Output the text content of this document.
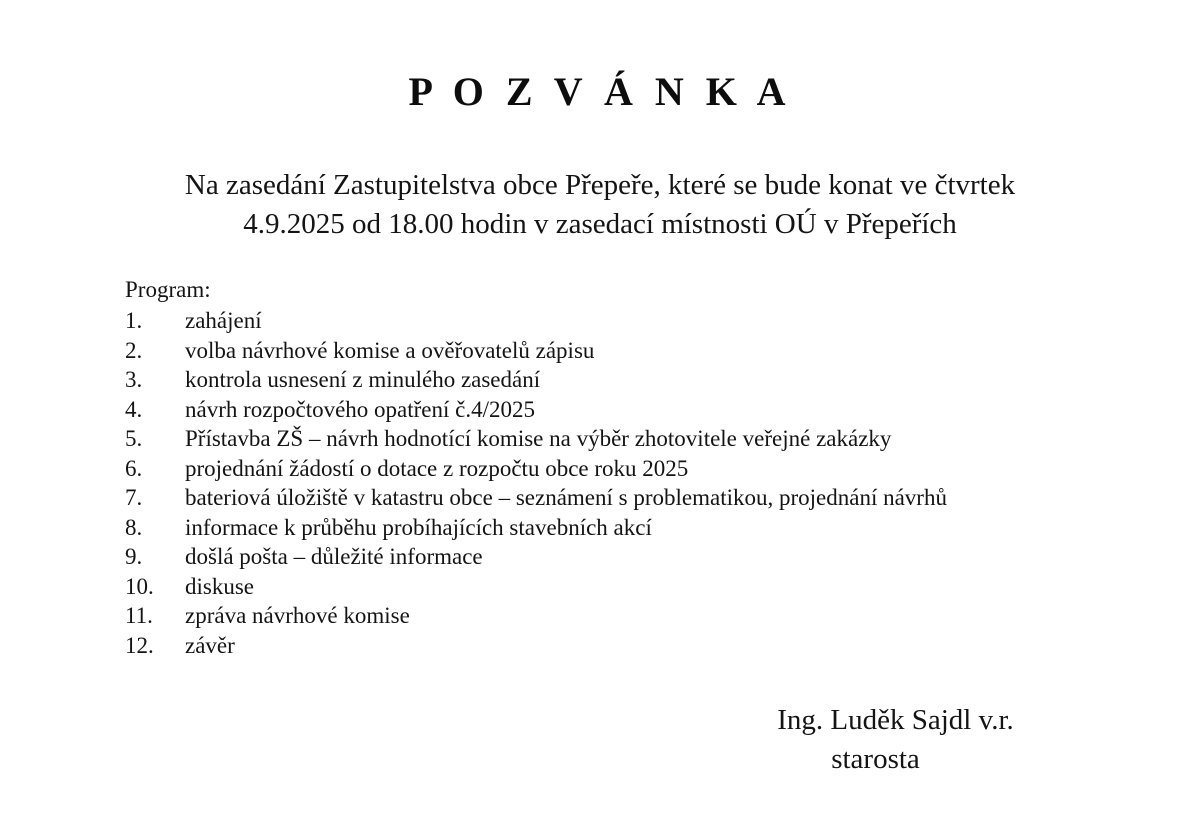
P O Z V Á N K A
Na zasedání Zastupitelstva obce Přepeře, které se bude konat ve čtvrtek
4.9.2025 od 18.00 hodin v zasedací místnosti OÚ v Přepeřích
Program:
1.	zahájení
2.	volba návrhové komise a ověřovatelů zápisu
3.	kontrola usnesení z minulého zasedání
4.	návrh rozpočtového opatření č.4/2025
5.	Přístavba ZŠ – návrh hodnotící komise na výběr zhotovitele veřejné zakázky
6.	projednání žádostí o dotace z rozpočtu obce roku 2025
7.	bateriová úložiště v katastru obce – seznámení s problematikou, projednání návrhů
8.	informace k průběhu probíhajících stavebních akcí
9.	došlá pošta – důležité informace
10.	diskuse
11.	zpráva návrhové komise
12.	závěr
Ing. Luděk Sajdl v.r.
starosta
